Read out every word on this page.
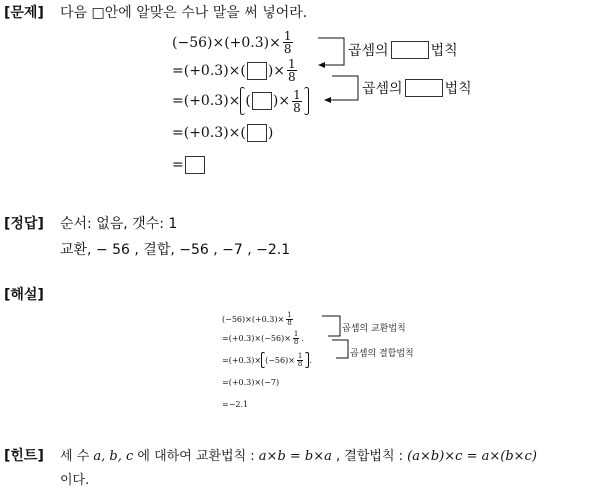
[문제] 다음 □안에 알맞은 수나 말을 써 넣어라.
$(-56)\times(+0.3)\times \frac{1}{8}$
=(+0.3)×( )× $\frac{1}{8}$
=(+0.3)× ( )× $\frac{1}{8}$
=(+0.3)×( )
=
곱셈의	법칙
곱셈의	법칙
[정답] 순서: 없음, 갯수: 1
교환, − 56 , 결합, −56 , −7 , −2.1
[해설]
$(-56)\times(+0.3)\times \frac{1}{8}$
$=(+0.3)\times(-56)\times \frac{1}{8}$ .
$=(+0.3)\times (-56)\times \frac{1}{8}$ .
=(+0.3)×(−7)
=−2.1
곱셈의 교환법칙
곱셈의 결합법칙
[힌트] 세 수 a, b, c 에 대하여 교환법칙 : a×b = b×a , 결합법칙 : (a×b)×c = a×(b×c)
이다.
